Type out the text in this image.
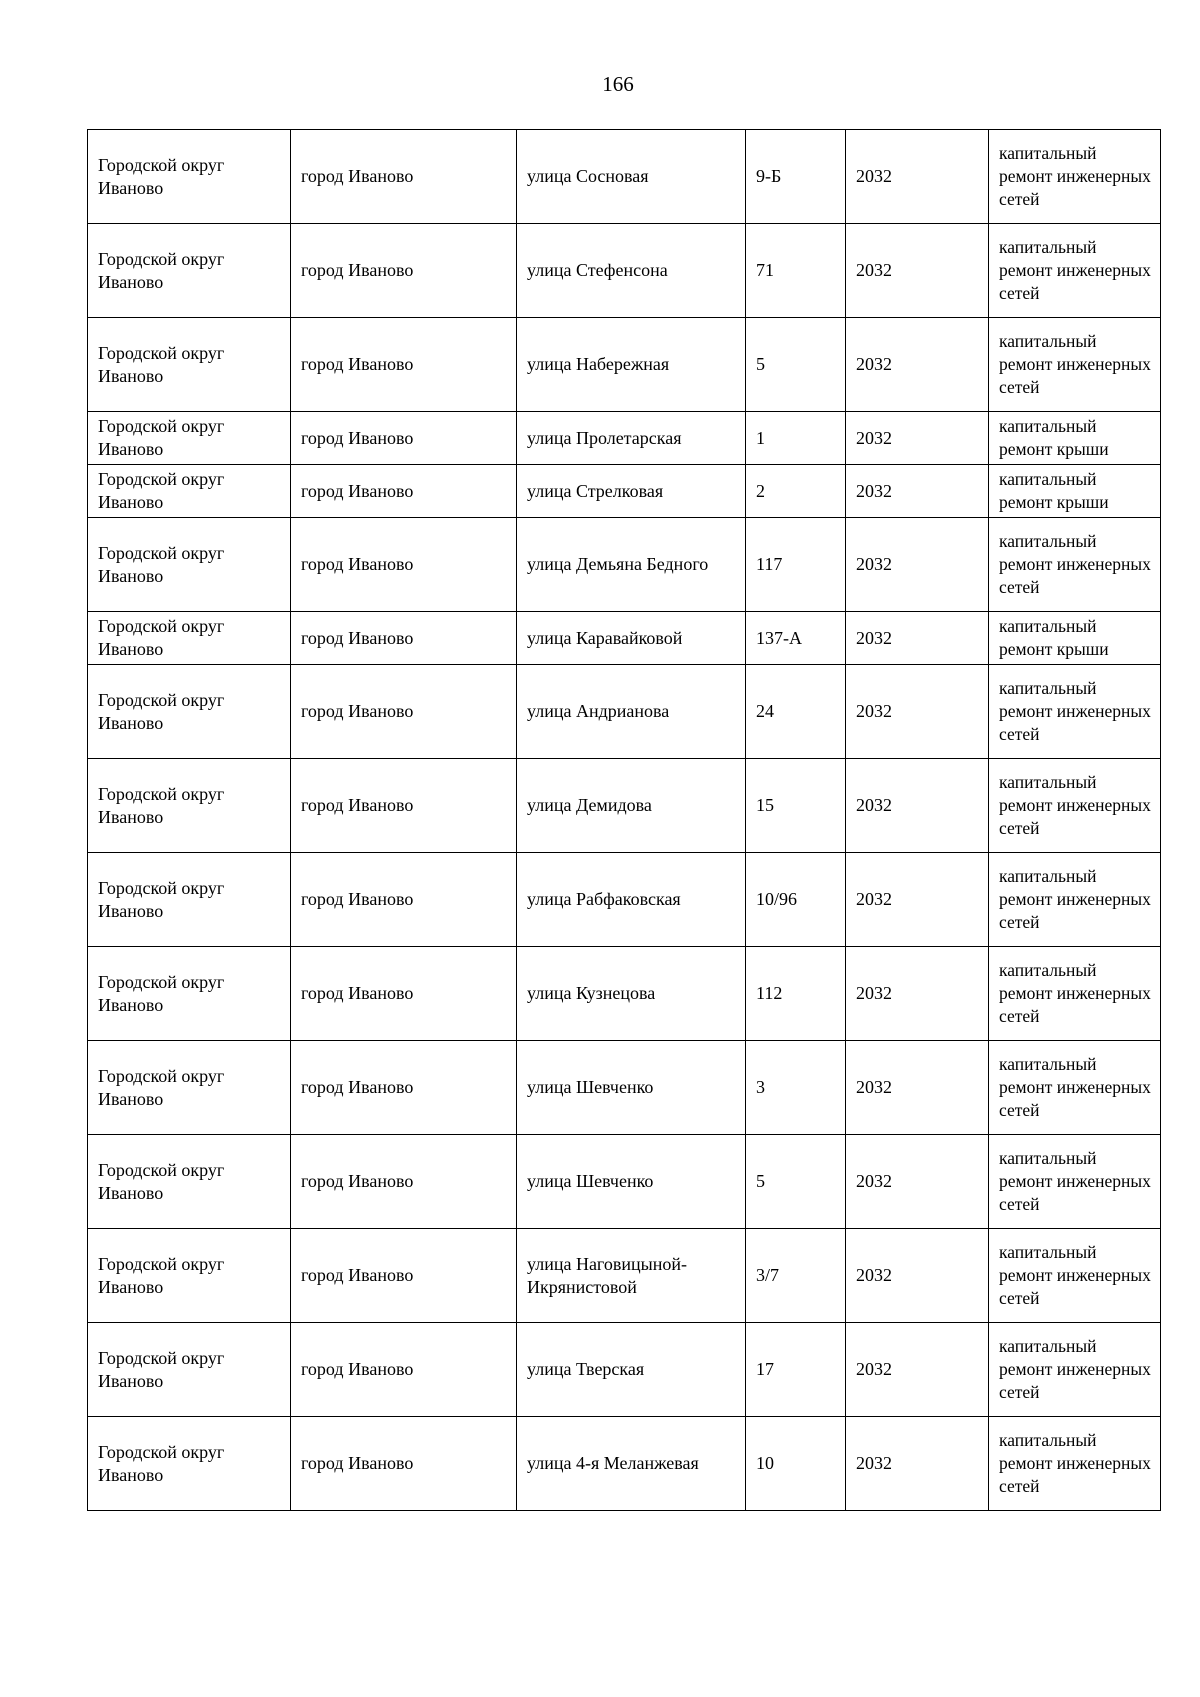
166
Городской округ Иваново	город Иваново	улица Сосновая	9-Б	2032	капитальный ремонт инженерных сетей
Городской округ Иваново	город Иваново	улица Стефенсона	71	2032	капитальный ремонт инженерных сетей
Городской округ Иваново	город Иваново	улица Набережная	5	2032	капитальный ремонт инженерных сетей
Городской округ Иваново	город Иваново	улица Пролетарская	1	2032	капитальный ремонт крыши
Городской округ Иваново	город Иваново	улица Стрелковая	2	2032	капитальный ремонт крыши
Городской округ Иваново	город Иваново	улица Демьяна Бедного	117	2032	капитальный ремонт инженерных сетей
Городской округ Иваново	город Иваново	улица Каравайковой	137-А	2032	капитальный ремонт крыши
Городской округ Иваново	город Иваново	улица Андрианова	24	2032	капитальный ремонт инженерных сетей
Городской округ Иваново	город Иваново	улица Демидова	15	2032	капитальный ремонт инженерных сетей
Городской округ Иваново	город Иваново	улица Рабфаковская	10/96	2032	капитальный ремонт инженерных сетей
Городской округ Иваново	город Иваново	улица Кузнецова	112	2032	капитальный ремонт инженерных сетей
Городской округ Иваново	город Иваново	улица Шевченко	3	2032	капитальный ремонт инженерных сетей
Городской округ Иваново	город Иваново	улица Шевченко	5	2032	капитальный ремонт инженерных сетей
Городской округ Иваново	город Иваново	улица Наговицыной-Икрянистовой	3/7	2032	капитальный ремонт инженерных сетей
Городской округ Иваново	город Иваново	улица Тверская	17	2032	капитальный ремонт инженерных сетей
Городской округ Иваново	город Иваново	улица 4-я Меланжевая	10	2032	капитальный ремонт инженерных сетей
